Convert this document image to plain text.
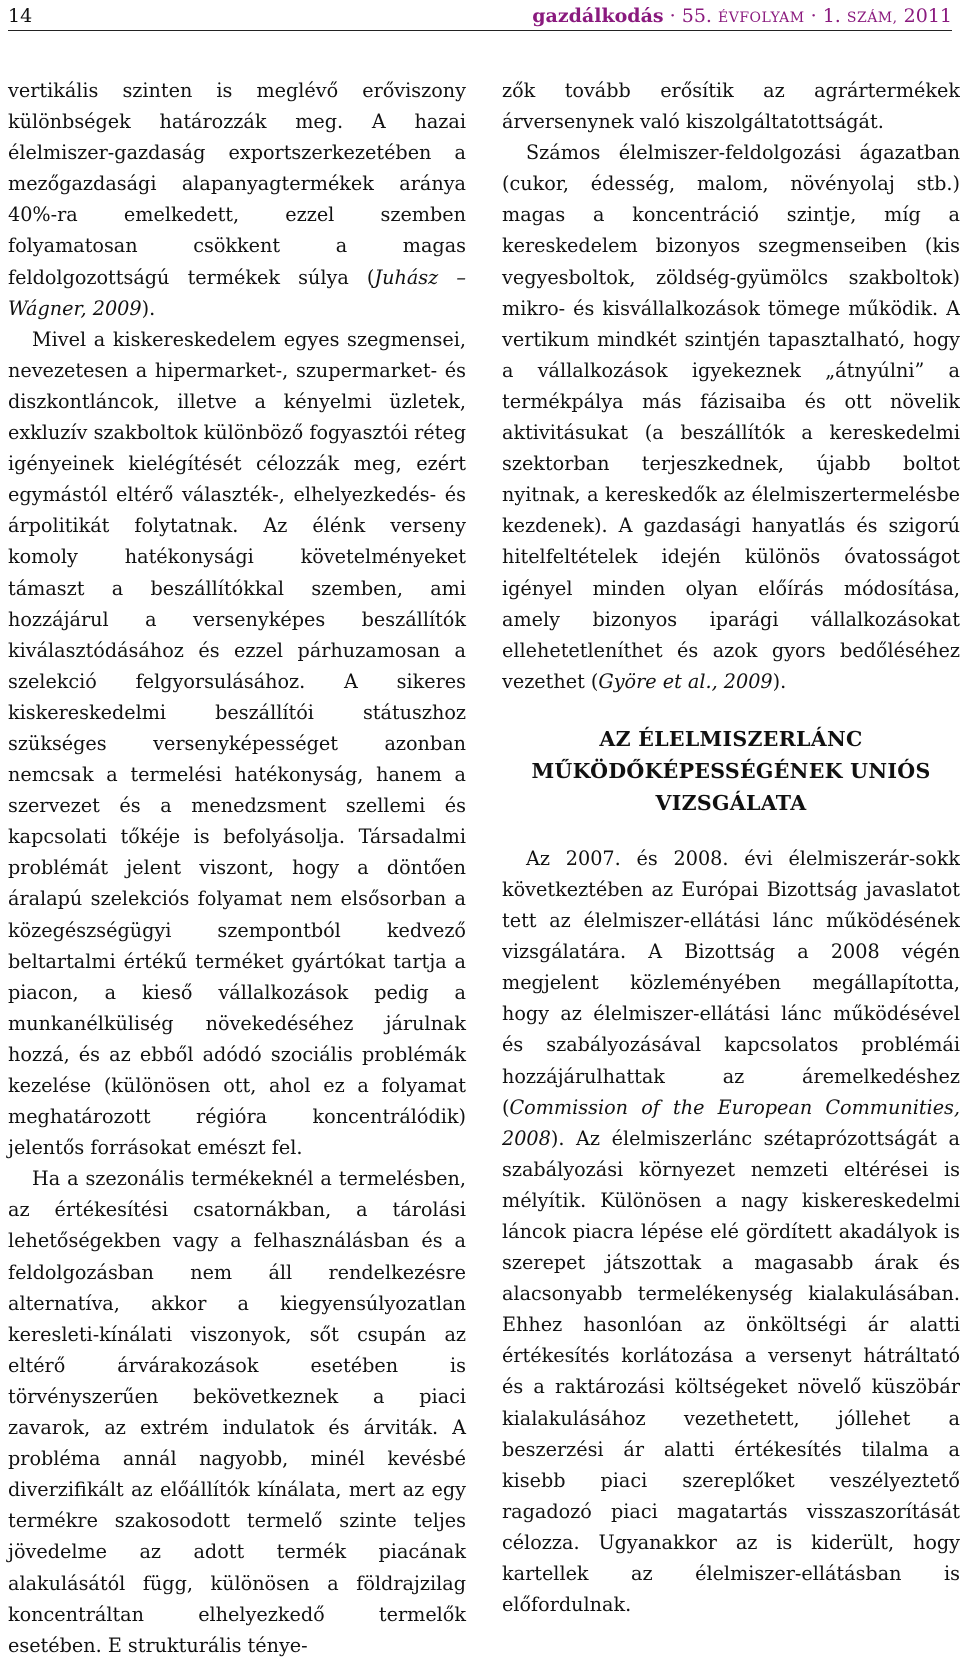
14	gazdálkodás · 55. ÉVFOLYAM · 1. SZÁM, 2011

vertikális szinten is meglévő erőviszony különbségek határozzák meg. A hazai élelmiszer-gazdaság exportszerkezetében a mezőgazdasági alapanyagtermékek aránya 40%-ra emelkedett, ezzel szemben folyamatosan csökkent a magas feldolgozottságú termékek súlya (Juhász – Wágner, 2009).

Mivel a kiskereskedelem egyes szegmensei, nevezetesen a hipermarket-, szupermarket- és diszkontláncok, illetve a kényelmi üzletek, exkluzív szakboltok különböző fogyasztói réteg igényeinek kielégítését célozzák meg, ezért egymástól eltérő választék-, elhelyezkedés- és árpolitikát folytatnak. Az élénk verseny komoly hatékonysági követelményeket támaszt a beszállítókkal szemben, ami hozzájárul a versenyképes beszállítók kiválasztódásához és ezzel párhuzamosan a szelekció felgyorsulásához. A sikeres kiskereskedelmi beszállítói státuszhoz szükséges versenyképességet azonban nemcsak a termelési hatékonyság, hanem a szervezet és a menedzsment szellemi és kapcsolati tőkéje is befolyásolja. Társadalmi problémát jelent viszont, hogy a döntően áralapú szelekciós folyamat nem elsősorban a közegészségügyi szempontból kedvező beltartalmi értékű terméket gyártókat tartja a piacon, a kieső vállalkozások pedig a munkanélküliség növekedéséhez járulnak hozzá, és az ebből adódó szociális problémák kezelése (különösen ott, ahol ez a folyamat meghatározott régióra koncentrálódik) jelentős forrásokat emészt fel.

Ha a szezonális termékeknél a termelésben, az értékesítési csatornákban, a tárolási lehetőségekben vagy a felhasználásban és a feldolgozásban nem áll rendelkezésre alternatíva, akkor a kiegyensúlyozatlan keresleti-kínálati viszonyok, sőt csupán az eltérő árvárakozások esetében is törvényszerűen bekövetkeznek a piaci zavarok, az extrém indulatok és árviták. A probléma annál nagyobb, minél kevésbé diverzifikált az előállítók kínálata, mert az egy termékre szakosodott termelő szinte teljes jövedelme az adott termék piacának alakulásától függ, különösen a földrajzilag koncentráltan elhelyezkedő termelők esetében. E strukturális ténye-

zők tovább erősítik az agrártermékek árversenynek való kiszolgáltatottságát.

Számos élelmiszer-feldolgozási ágazatban (cukor, édesség, malom, növényolaj stb.) magas a koncentráció szintje, míg a kereskedelem bizonyos szegmenseiben (kis vegyesboltok, zöldség-gyümölcs szakboltok) mikro- és kisvállalkozások tömege működik. A vertikum mindkét szintjén tapasztalható, hogy a vállalkozások igyekeznek „átnyúlni” a termékpálya más fázisaiba és ott növelik aktivitásukat (a beszállítók a kereskedelmi szektorban terjeszkednek, újabb boltot nyitnak, a kereskedők az élelmiszertermelésbe kezdenek). A gazdasági hanyatlás és szigorú hitelfeltételek idején különös óvatosságot igényel minden olyan előírás módosítása, amely bizonyos iparági vállalkozásokat ellehetetleníthet és azok gyors bedőléséhez vezethet (Györe et al., 2009).

AZ ÉLELMISZERLÁNC
MŰKÖDŐKÉPESSÉGÉNEK UNIÓS
VIZSGÁLATA

Az 2007. és 2008. évi élelmiszerár-sokk következtében az Európai Bizottság javaslatot tett az élelmiszer-ellátási lánc működésének vizsgálatára. A Bizottság a 2008 végén megjelent közleményében megállapította, hogy az élelmiszer-ellátási lánc működésével és szabályozásával kapcsolatos problémái hozzájárulhattak az áremelkedéshez (Commission of the European Communities, 2008). Az élelmiszerlánc szétaprózottságát a szabályozási környezet nemzeti eltérései is mélyítik. Különösen a nagy kiskereskedelmi láncok piacra lépése elé gördített akadályok is szerepet játszottak a magasabb árak és alacsonyabb termelékenység kialakulásában. Ehhez hasonlóan az önköltségi ár alatti értékesítés korlátozása a versenyt hátráltató és a raktározási költségeket növelő küszöbár kialakulásához vezethetett, jóllehet a beszerzési ár alatti értékesítés tilalma a kisebb piaci szereplőket veszélyeztető ragadozó piaci magatartás visszaszorítását célozza. Ugyanakkor az is kiderült, hogy kartellek az élelmiszer-ellátásban is előfordulnak.
